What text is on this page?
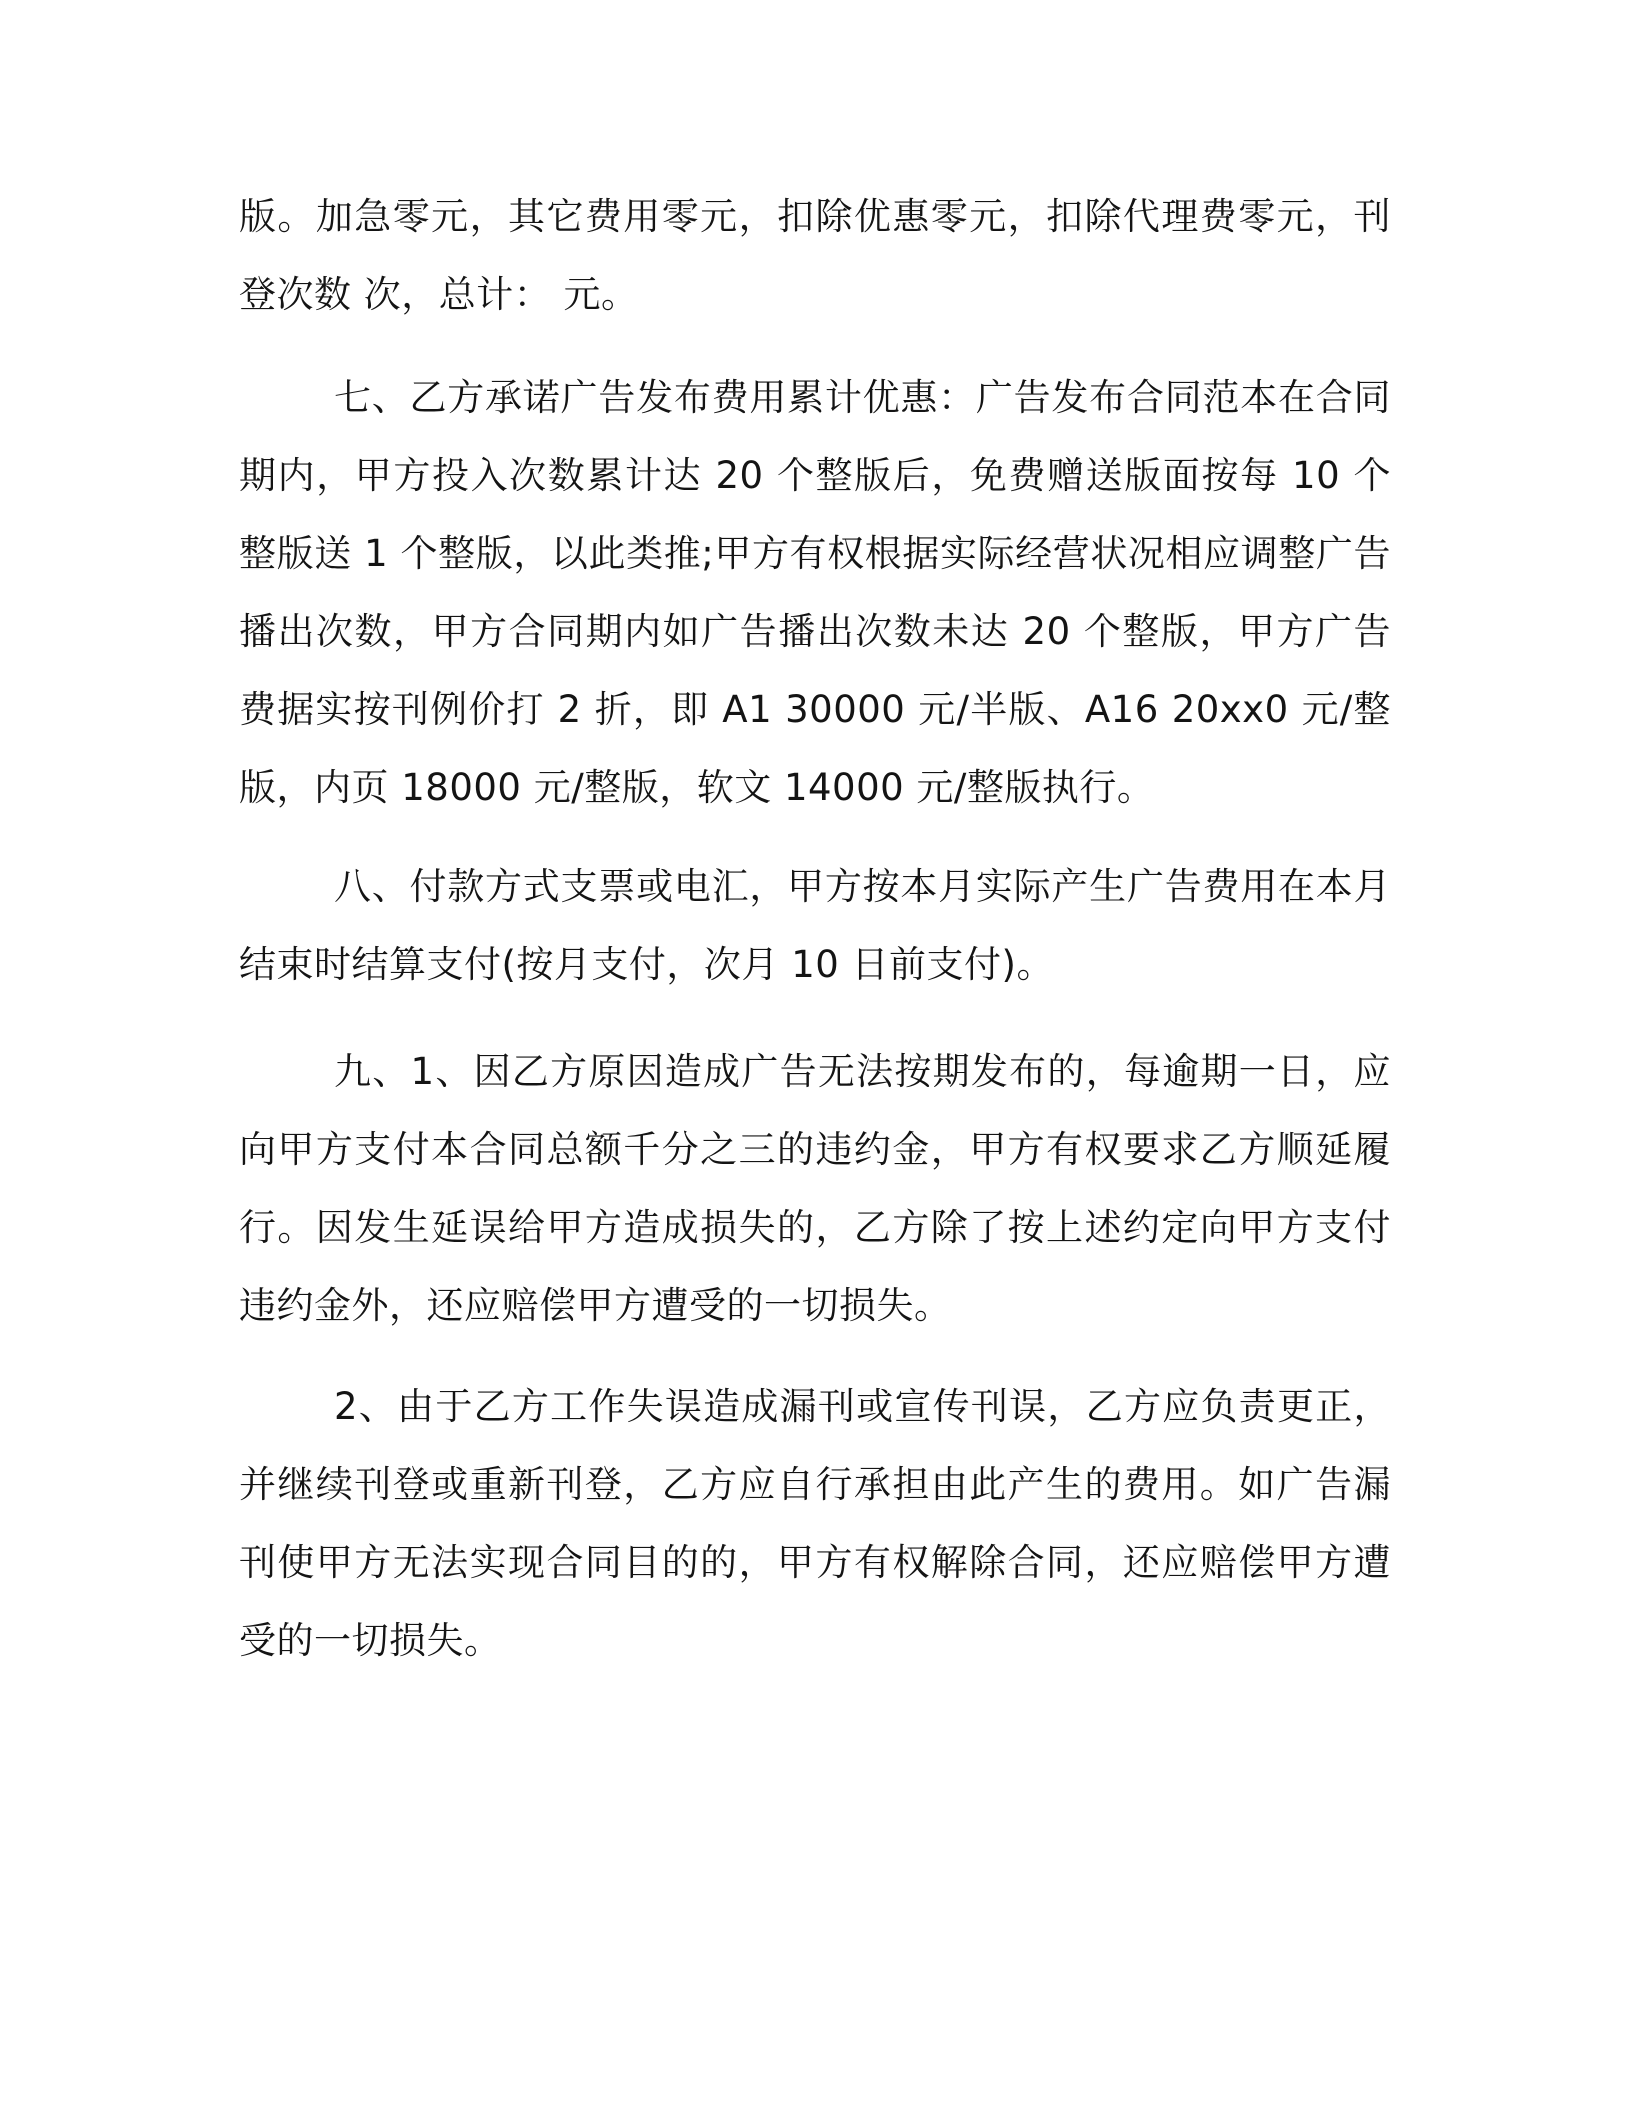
版。加急零元，其它费用零元，扣除优惠零元，扣除代理费零元，刊登次数 次，总计： 元。

七、乙方承诺广告发布费用累计优惠：广告发布合同范本在合同期内，甲方投入次数累计达 20 个整版后，免费赠送版面按每 10 个整版送 1 个整版，以此类推;甲方有权根据实际经营状况相应调整广告播出次数，甲方合同期内如广告播出次数未达 20 个整版，甲方广告费据实按刊例价打 2 折，即 A1 30000 元/半版、A16 20xx0 元/整版，内页 18000 元/整版，软文 14000 元/整版执行。

八、付款方式支票或电汇，甲方按本月实际产生广告费用在本月结束时结算支付(按月支付，次月 10 日前支付)。

九、1、因乙方原因造成广告无法按期发布的，每逾期一日，应向甲方支付本合同总额千分之三的违约金，甲方有权要求乙方顺延履行。因发生延误给甲方造成损失的，乙方除了按上述约定向甲方支付违约金外，还应赔偿甲方遭受的一切损失。

2、由于乙方工作失误造成漏刊或宣传刊误，乙方应负责更正，并继续刊登或重新刊登，乙方应自行承担由此产生的费用。如广告漏刊使甲方无法实现合同目的的，甲方有权解除合同，还应赔偿甲方遭受的一切损失。
